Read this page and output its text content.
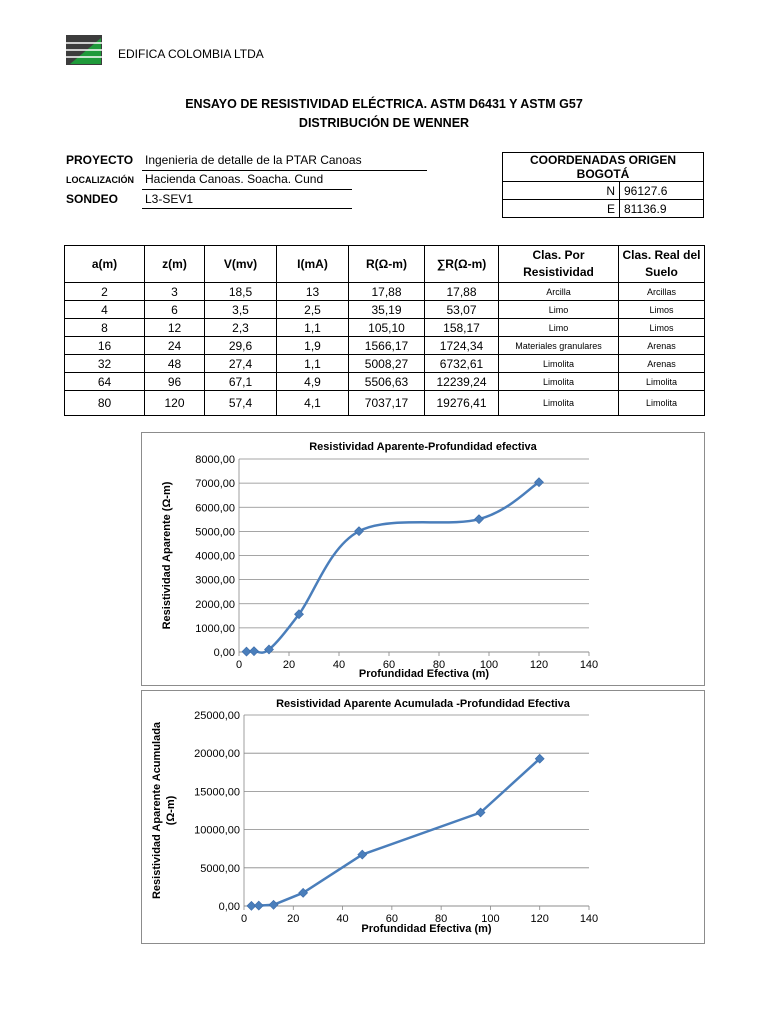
EDIFICA COLOMBIA LTDA
ENSAYO DE RESISTIVIDAD ELÉCTRICA. ASTM D6431 Y ASTM G57
DISTRIBUCIÓN DE WENNER
PROYECTO Ingenieria de detalle de la PTAR Canoas
LOCALIZACIÓN Hacienda Canoas. Soacha. Cund
SONDEO L3-SEV1
COORDENADAS ORIGEN BOGOTÁ	
N	96127.6
E	81136.9
a(m)	z(m)	V(mv)	I(mA)	R(Ω-m)	∑R(Ω-m)	Clas. Por Resistividad	Clas. Real del Suelo
2	3	18,5	13	17,88	17,88	Arcilla	Arcillas
4	6	3,5	2,5	35,19	53,07	Limo	Limos
8	12	2,3	1,1	105,10	158,17	Limo	Limos
16	24	29,6	1,9	1566,17	1724,34	Materiales granulares	Arenas
32	48	27,4	1,1	5008,27	6732,61	Limolita	Arenas
64	96	67,1	4,9	5506,63	12239,24	Limolita	Limolita
80	120	57,4	4,1	7037,17	19276,41	Limolita	Limolita
Resistividad Aparente-Profundidad efectiva
0,00
1000,00
2000,00
3000,00
4000,00
5000,00
6000,00
7000,00
8000,00
0	20	40	60	80	100	120	140
Profundidad Efectiva (m)
Resistividad Aparente (Ω-m)
Resistividad Aparente Acumulada -Profundidad Efectiva
0,00
5000,00
10000,00
15000,00
20000,00
25000,00
0	20	40	60	80	100	120	140
Profundidad Efectiva (m)
Resistividad Aparente Acumulada (Ω-m)
